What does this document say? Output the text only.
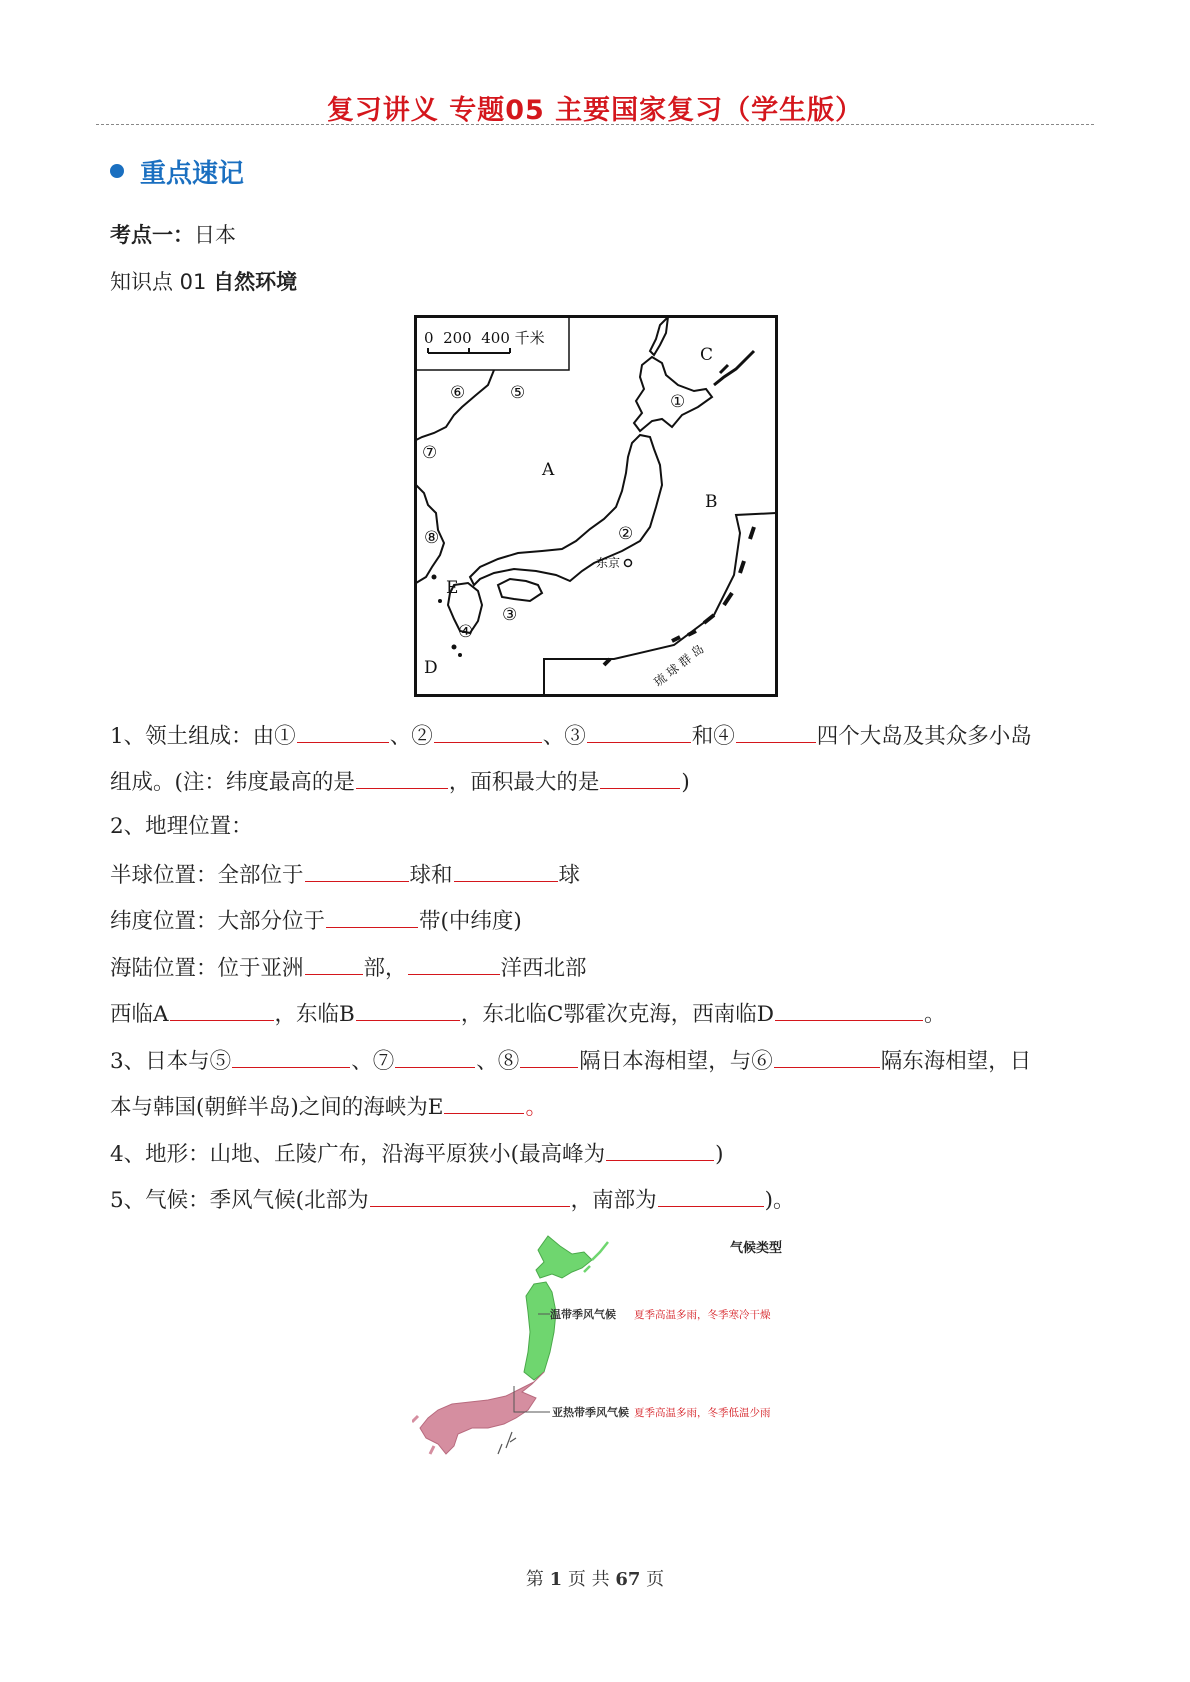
复习讲义 专题05 主要国家复习（学生版）
重点速记
考点一：日本
知识点 01 自然环境
0  200  400 千米
A
B
C
D
E
①
②
③
④
⑤
⑥
⑦
⑧
东京
琉 球 群 岛
1、领土组成：由①	、②	、③	和④	四个大岛及其众多小岛
组成。(注：纬度最高的是	，面积最大的是	)
2、地理位置：
半球位置：全部位于	球和	球
纬度位置：大部分位于	带(中纬度)
海陆位置：位于亚洲	部，	洋西北部
西临A	，东临B	，东北临C鄂霍次克海，西南临D	。
3、日本与⑤	、⑦	、⑧	隔日本海相望，与⑥	隔东海相望，日
本与韩国(朝鲜半岛)之间的海峡为E	。
4、地形：山地、丘陵广布，沿海平原狭小(最高峰为	)
5、气候：季风气候(北部为	，南部为	)。
气候类型
温带季风气候 夏季高温多雨，冬季寒冷干燥
亚热带季风气候 夏季高温多雨，冬季低温少雨
第 1 页 共 67 页
